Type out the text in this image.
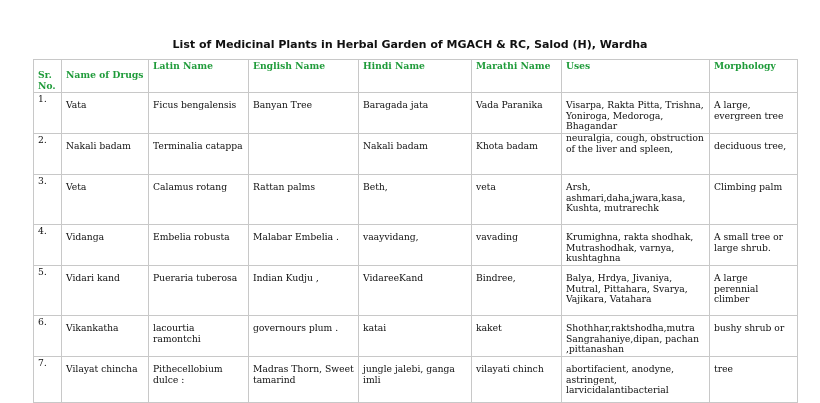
List of Medicinal Plants in Herbal Garden of MGACH & RC, Salod (H), Wardha
Sr. No.	Name of Drugs	Latin Name	English Name	Hindi Name	Marathi Name	Uses	Morphology

1.	Vata	Ficus bengalensis	Banyan Tree	Baragada jata	Vada Paranika	Visarpa, Rakta Pitta, Trishna, Yoniroga, Medoroga, Bhagandar	A large, evergreen tree

2.	Nakali badam	Terminalia catappa		Nakali badam	Khota badam	neuralgia, cough, obstruction of the liver and spleen,	deciduous tree,

3.	Veta	Calamus rotang	Rattan palms	Beth,	veta	Arsh, ashmari,daha,jwara,kasa, Kushta, mutrarechk	Climbing palm

4.	Vidanga	Embelia robusta	Malabar Embelia .	vaayvidang,	vavading	Krumighna, rakta shodhak, Mutrashodhak, varnya, kushtaghna	A small tree or large shrub.

5.	Vidari kand	Pueraria tuberosa	Indian Kudju ,	VidareeKand	Bindree,	Balya, Hrdya, Jivaniya, Mutral, Pittahara, Svarya, Vajikara, Vatahara	A large perennial climber

6.	Vikankatha	lacourtia ramontchi	governours plum .	katai	kaket	Shothhar,raktshodha,mutra Sangrahaniye,dipan, pachan ,pittanashan	bushy shrub or

7.	Vilayat chincha	Pithecellobium dulce :	Madras Thorn, Sweet tamarind	jungle jalebi, ganga imli	vilayati chinch	abortifacient, anodyne, astringent, larvicidalantibacterial	tree
